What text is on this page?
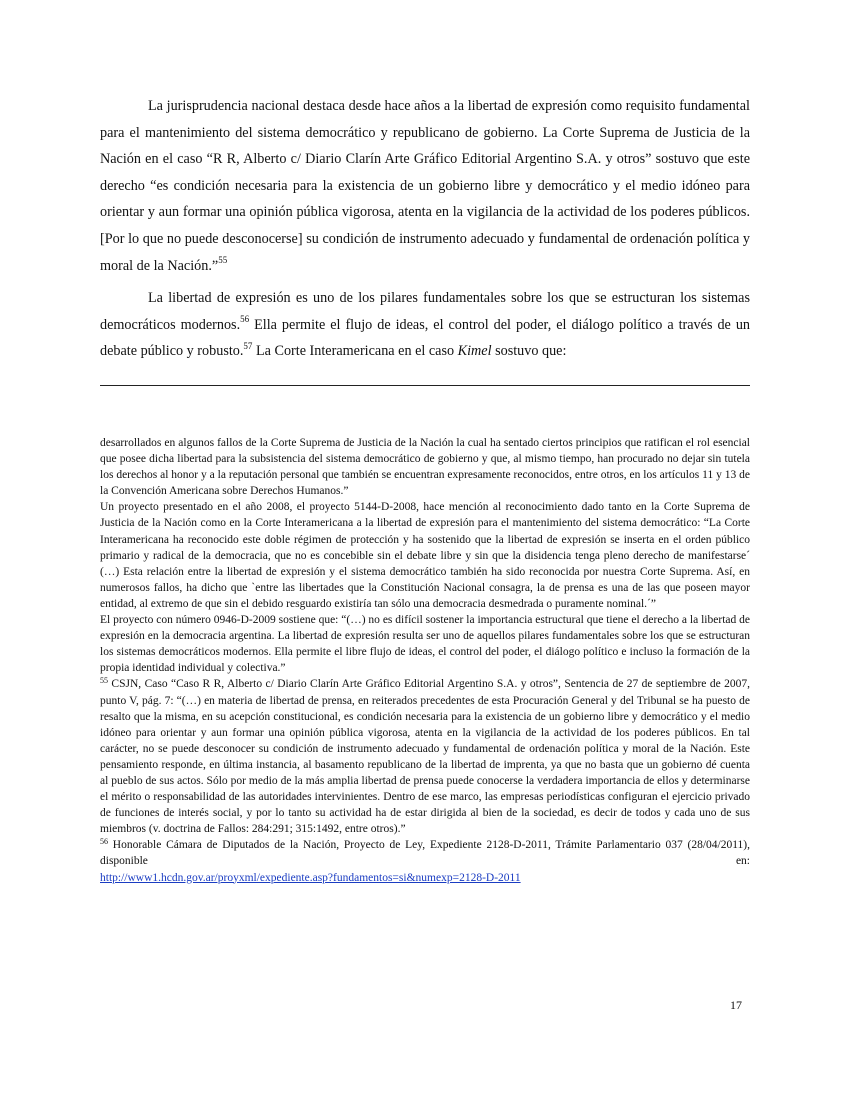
La jurisprudencia nacional destaca desde hace años a la libertad de expresión como requisito fundamental para el mantenimiento del sistema democrático y republicano de gobierno. La Corte Suprema de Justicia de la Nación en el caso “R R, Alberto c/ Diario Clarín Arte Gráfico Editorial Argentino S.A. y otros” sostuvo que este derecho “es condición necesaria para la existencia de un gobierno libre y democrático y el medio idóneo para orientar y aun formar una opinión pública vigorosa, atenta en la vigilancia de la actividad de los poderes públicos. [Por lo que no puede desconocerse] su condición de instrumento adecuado y fundamental de ordenación política y moral de la Nación.”$^{55}$

La libertad de expresión es uno de los pilares fundamentales sobre los que se estructuran los sistemas democráticos modernos.$^{56}$ Ella permite el flujo de ideas, el control del poder, el diálogo político a través de un debate público y robusto.$^{57}$ La Corte Interamericana en el caso Kimel sostuvo que:

desarrollados en algunos fallos de la Corte Suprema de Justicia de la Nación la cual ha sentado ciertos principios que ratifican el rol esencial que posee dicha libertad para la subsistencia del sistema democrático de gobierno y que, al mismo tiempo, han procurado no dejar sin tutela los derechos al honor y a la reputación personal que también se encuentran expresamente reconocidos, entre otros, en los artículos 11 y 13 de la Convención Americana sobre Derechos Humanos.”

Un proyecto presentado en el año 2008, el proyecto 5144-D-2008, hace mención al reconocimiento dado tanto en la Corte Suprema de Justicia de la Nación como en la Corte Interamericana a la libertad de expresión para el mantenimiento del sistema democrático: “La Corte Interamericana ha reconocido este doble régimen de protección y ha sostenido que la libertad de expresión se inserta en el orden público primario y radical de la democracia, que no es concebible sin el debate libre y sin que la disidencia tenga pleno derecho de manifestarse´ (…) Esta relación entre la libertad de expresión y el sistema democrático también ha sido reconocida por nuestra Corte Suprema. Así, en numerosos fallos, ha dicho que `entre las libertades que la Constitución Nacional consagra, la de prensa es una de las que poseen mayor entidad, al extremo de que sin el debido resguardo existiría tan sólo una democracia desmedrada o puramente nominal.´”

El proyecto con número 0946-D-2009 sostiene que: “(…) no es difícil sostener la importancia estructural que tiene el derecho a la libertad de expresión en la democracia argentina. La libertad de expresión resulta ser uno de aquellos pilares fundamentales sobre los que se estructuran los sistemas democráticos modernos. Ella permite el libre flujo de ideas, el control del poder, el diálogo político e incluso la formación de la propia identidad individual y colectiva.”

$^{55}$ CSJN, Caso “Caso R R, Alberto c/ Diario Clarín Arte Gráfico Editorial Argentino S.A. y otros”, Sentencia de 27 de septiembre de 2007, punto V, pág. 7: “(…) en materia de libertad de prensa, en reiterados precedentes de esta Procuración General y del Tribunal se ha puesto de resalto que la misma, en su acepción constitucional, es condición necesaria para la existencia de un gobierno libre y democrático y el medio idóneo para orientar y aun formar una opinión pública vigorosa, atenta en la vigilancia de la actividad de los poderes públicos. En tal carácter, no se puede desconocer su condición de instrumento adecuado y fundamental de ordenación política y moral de la Nación. Este pensamiento responde, en última instancia, al basamento republicano de la libertad de imprenta, ya que no basta que un gobierno dé cuenta al pueblo de sus actos. Sólo por medio de la más amplia libertad de prensa puede conocerse la verdadera importancia de ellos y determinarse el mérito o responsabilidad de las autoridades intervinientes. Dentro de ese marco, las empresas periodísticas configuran el ejercicio privado de funciones de interés social, y por lo tanto su actividad ha de estar dirigida al bien de la sociedad, es decir de todos y cada uno de sus miembros (v. doctrina de Fallos: 284:291; 315:1492, entre otros).”

$^{56}$ Honorable Cámara de Diputados de la Nación, Proyecto de Ley, Expediente 2128-D-2011, Trámite Parlamentario 037 (28/04/2011), disponible en:

http://www1.hcdn.gov.ar/proyxml/expediente.asp?fundamentos=si&numexp=2128-D-2011

17
